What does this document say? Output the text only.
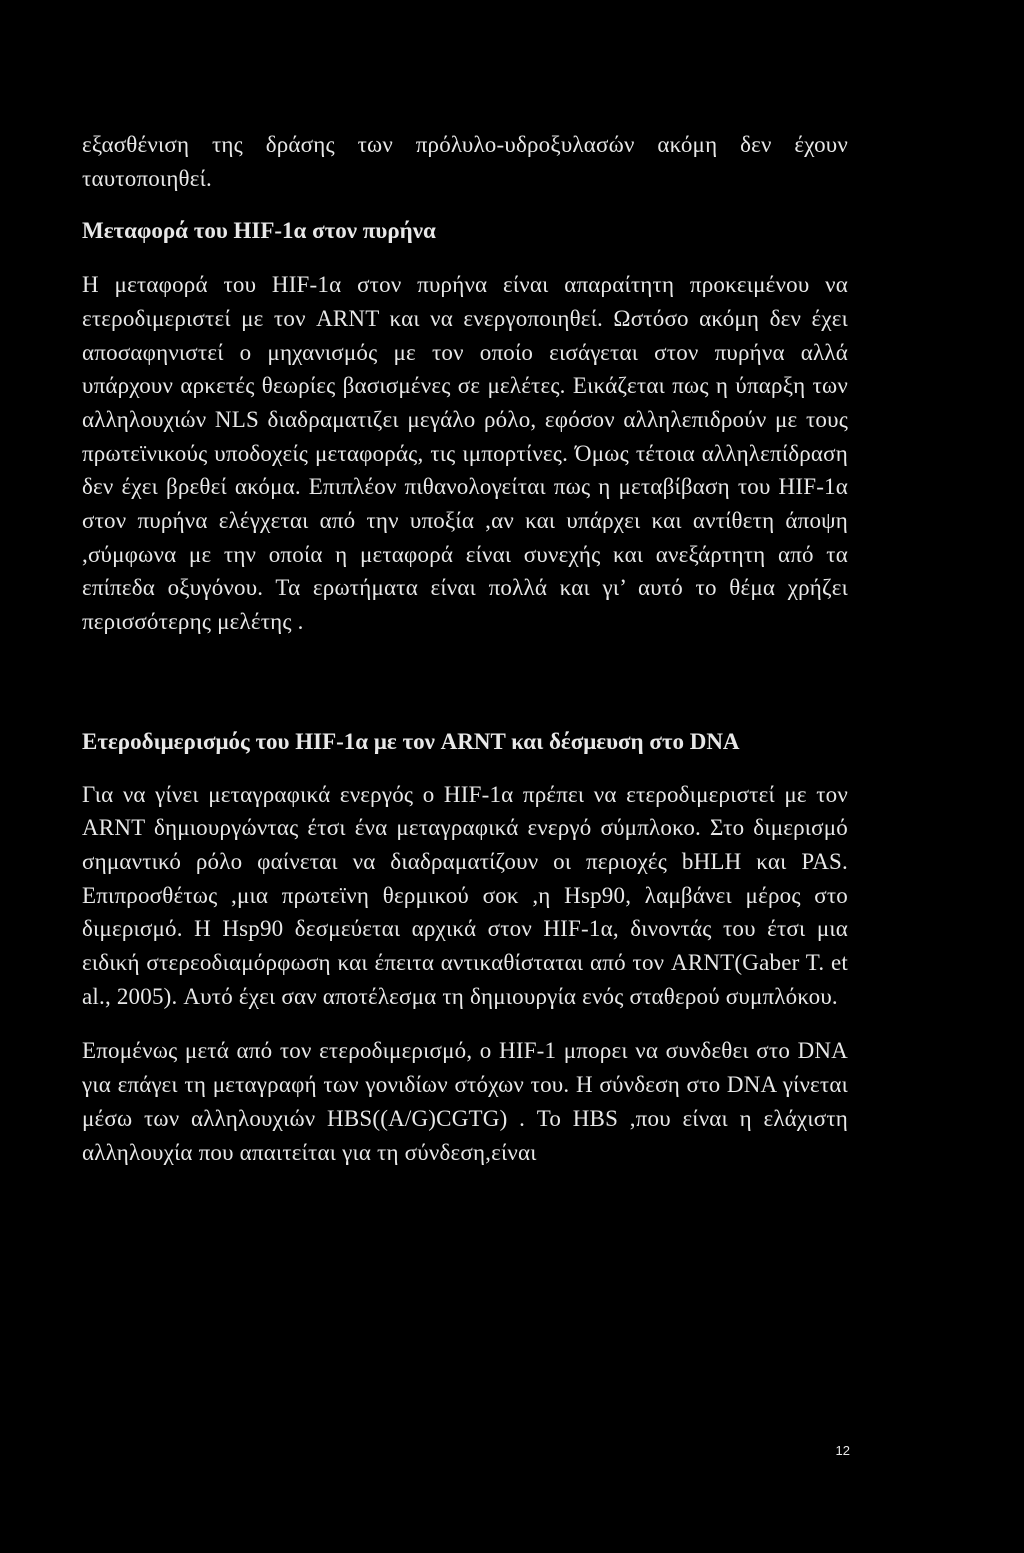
εξασθένιση της δράσης των πρόλυλο-υδροξυλασών ακόμη δεν έχουν ταυτοποιηθεί.

Μεταφορά του HIF-1α στον πυρήνα

Η μεταφορά του HIF-1α στον πυρήνα είναι απαραίτητη προκειμένου να ετεροδιμεριστεί με τον ARNT και να ενεργοποιηθεί. Ωστόσο ακόμη δεν έχει αποσαφηνιστεί ο μηχανισμός με τον οποίο εισάγεται στον πυρήνα αλλά υπάρχουν αρκετές θεωρίες βασισμένες σε μελέτες. Εικάζεται πως η ύπαρξη των αλληλουχιών NLS διαδραματιζει μεγάλο ρόλο, εφόσον αλληλεπιδρούν με τους πρωτεϊνικούς υποδοχείς μεταφοράς, τις ιμπορτίνες. Όμως τέτοια αλληλεπίδραση δεν έχει βρεθεί ακόμα. Επιπλέον πιθανολογείται πως η μεταβίβαση του HIF-1α στον πυρήνα ελέγχεται από την υποξία ,αν και υπάρχει και αντίθετη άποψη ,σύμφωνα με την οποία η μεταφορά είναι συνεχής και ανεξάρτητη από τα επίπεδα οξυγόνου. Τα ερωτήματα είναι πολλά και γι’ αυτό το θέμα χρήζει περισσότερης μελέτης .

Ετεροδιμερισμός του HIF-1α με τον ARNT και δέσμευση στο DNA

Για να γίνει μεταγραφικά ενεργός ο HIF-1α πρέπει να ετεροδιμεριστεί με τον ARNT δημιουργώντας έτσι ένα μεταγραφικά ενεργό σύμπλοκο. Στο διμερισμό σημαντικό ρόλο φαίνεται να διαδραματίζουν οι περιοχές bHLH και PAS. Επιπροσθέτως ,μια πρωτεϊνη θερμικού σοκ ,η Hsp90, λαμβάνει μέρος στο διμερισμό. Η Hsp90 δεσμεύεται αρχικά στον HIF-1α, δινοντάς του έτσι μια ειδική στερεοδιαμόρφωση και έπειτα αντικαθίσταται από τον ARNT(Gaber T. et al., 2005). Αυτό έχει σαν αποτέλεσμα τη δημιουργία ενός σταθερού συμπλόκου.

Επομένως μετά από τον ετεροδιμερισμό, ο HIF-1 μπορει να συνδεθει στο DNA για επάγει τη μεταγραφή των γονιδίων στόχων του. Η σύνδεση στο DNA γίνεται μέσω των αλληλουχιών HBS((A/G)CGTG) . Το HBS ,που είναι η ελάχιστη αλληλουχία που απαιτείται για τη σύνδεση,είναι

12
